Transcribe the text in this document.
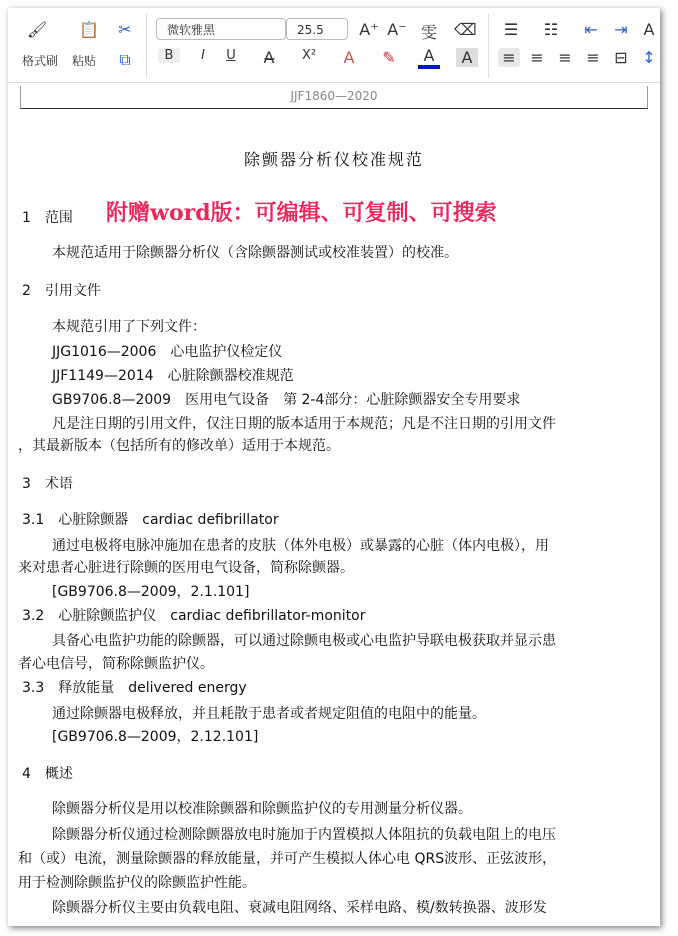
🖌
格式刷
📋
粘贴
✂
⧉
微软雅黑	25.5	A⁺ A⁻ 雯 ⌫
B	I	U	A̶	X²	A	✎	A	A
☰ ☷ ⇤ ⇥ A
≡ ≡ ≡ ≡ ⊟ ↕
JJF1860—2020
除颤器分析仪校准规范
1　范围 附赠word版：可编辑、可复制、可搜索
本规范适用于除颤器分析仪（含除颤器测试或校准装置）的校准。
2　引用文件
本规范引用了下列文件：
JJG1016—2006　心电监护仪检定仪
JJF1149—2014　心脏除颤器校准规范
GB9706.8—2009　医用电气设备　第 2-4部分：心脏除颤器安全专用要求
凡是注日期的引用文件，仅注日期的版本适用于本规范；凡是不注日期的引用文件
，其最新版本（包括所有的修改单）适用于本规范。
3　术语
3.1　心脏除颤器　cardiac defibrillator
通过电极将电脉冲施加在患者的皮肤（体外电极）或暴露的心脏（体内电极），用
来对患者心脏进行除颤的医用电气设备，简称除颤器。
[GB9706.8—2009，2.1.101]
3.2　心脏除颤监护仪　cardiac defibrillator-monitor
具备心电监护功能的除颤器，可以通过除颤电极或心电监护导联电极获取并显示患
者心电信号，简称除颤监护仪。
3.3　释放能量　delivered energy
通过除颤器电极释放，并且耗散于患者或者规定阻值的电阻中的能量。
[GB9706.8—2009，2.12.101]
4　概述
除颤器分析仪是用以校准除颤器和除颤监护仪的专用测量分析仪器。
除颤器分析仪通过检测除颤器放电时施加于内置模拟人体阻抗的负载电阻上的电压
和（或）电流，测量除颤器的释放能量，并可产生模拟人体心电 QRS波形、正弦波形，
用于检测除颤监护仪的除颤监护性能。
除颤器分析仪主要由负载电阻、衰减电阻网络、采样电路、模/数转换器、波形发
